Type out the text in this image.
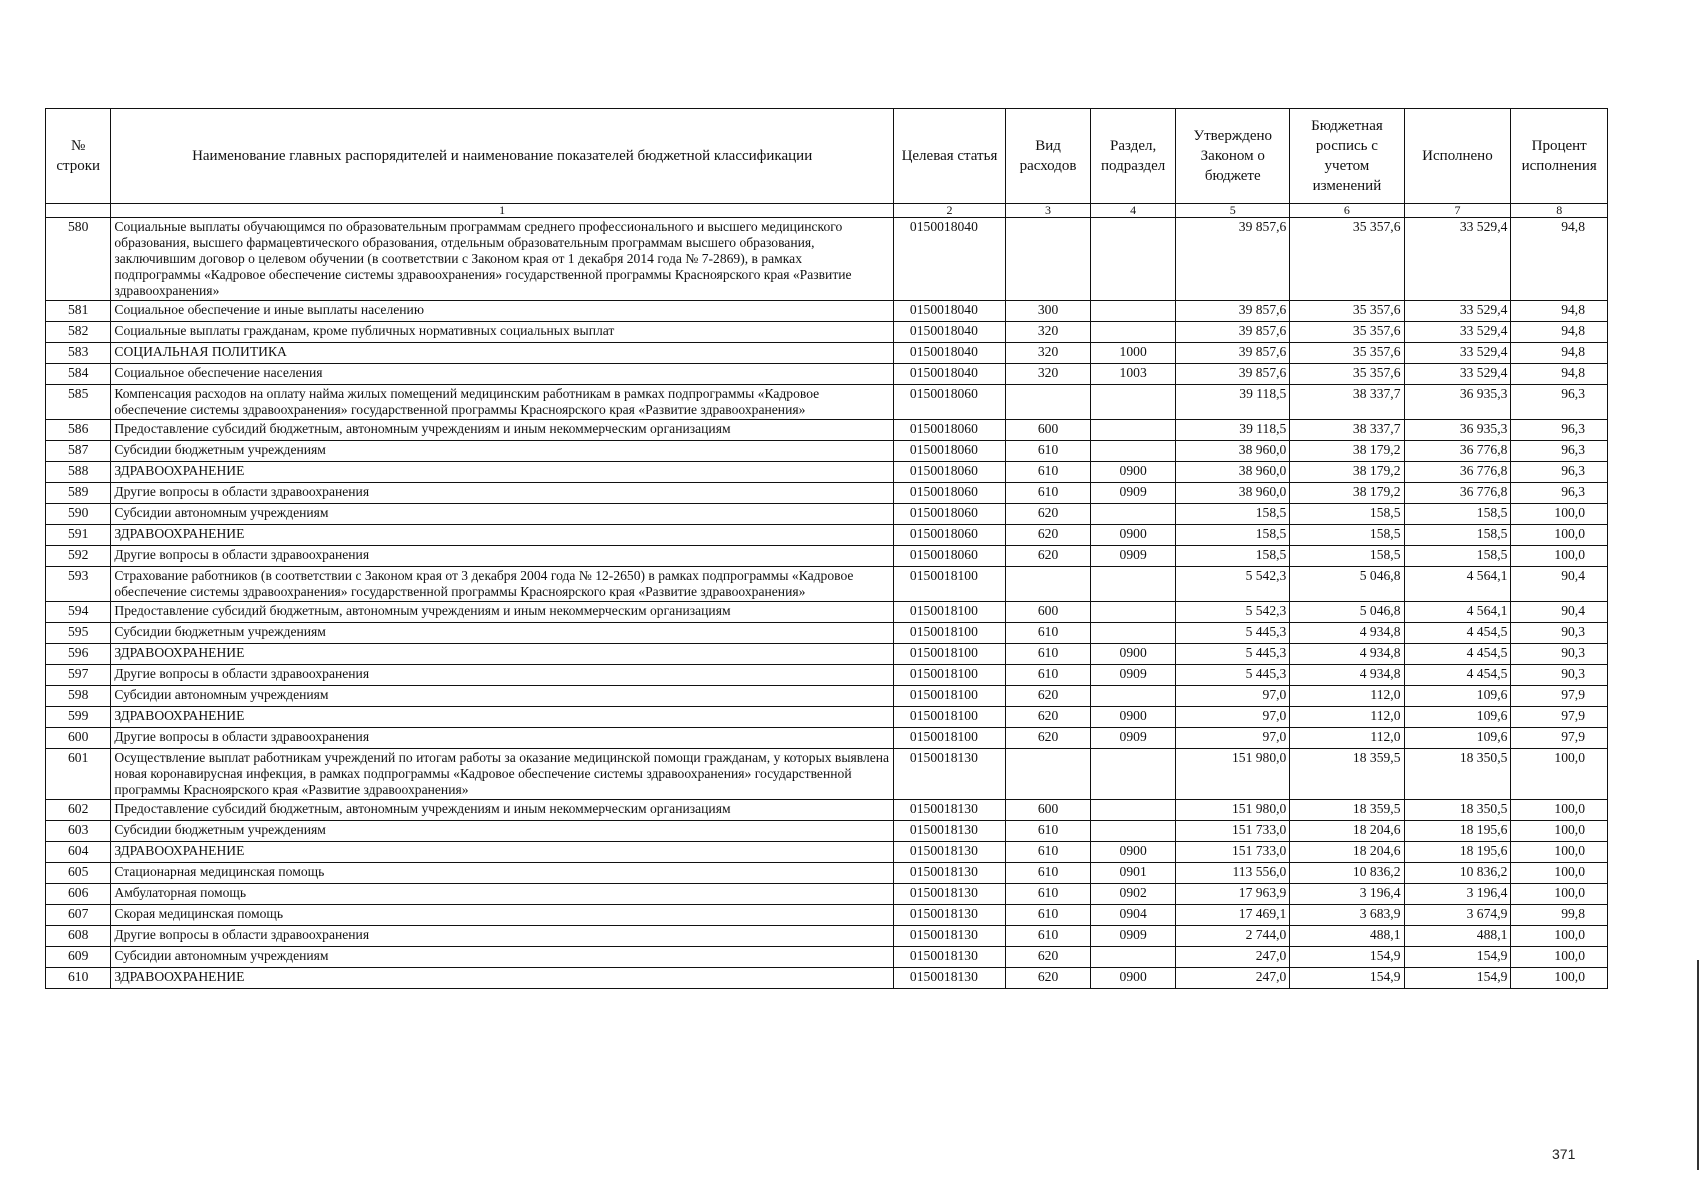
№ строки	Наименование главных распорядителей и наименование показателей бюджетной классификации	Целевая статья	Вид расходов	Раздел, подраздел	Утверждено Законом о бюджете	Бюджетная роспись с учетом изменений	Исполнено	Процент исполнения
	1	2	3	4	5	6	7	8
580	Социальные выплаты обучающимся по образовательным программам среднего профессионального и высшего медицинского образования, высшего фармацевтического образования, отдельным образовательным программам высшего образования, заключившим договор о целевом обучении (в соответствии с Законом края от 1 декабря 2014 года № 7-2869), в рамках подпрограммы «Кадровое обеспечение системы здравоохранения» государственной программы Красноярского края «Развитие здравоохранения»	0150018040			39 857,6	35 357,6	33 529,4	94,8
581	Социальное обеспечение и иные выплаты населению	0150018040	300		39 857,6	35 357,6	33 529,4	94,8
582	Социальные выплаты гражданам, кроме публичных нормативных социальных выплат	0150018040	320		39 857,6	35 357,6	33 529,4	94,8
583	СОЦИАЛЬНАЯ ПОЛИТИКА	0150018040	320	1000	39 857,6	35 357,6	33 529,4	94,8
584	Социальное обеспечение населения	0150018040	320	1003	39 857,6	35 357,6	33 529,4	94,8
585	Компенсация расходов на оплату найма жилых помещений медицинским работникам в рамках подпрограммы «Кадровое обеспечение системы здравоохранения» государственной программы Красноярского края «Развитие здравоохранения»	0150018060			39 118,5	38 337,7	36 935,3	96,3
586	Предоставление субсидий бюджетным, автономным учреждениям и иным некоммерческим организациям	0150018060	600		39 118,5	38 337,7	36 935,3	96,3
587	Субсидии бюджетным учреждениям	0150018060	610		38 960,0	38 179,2	36 776,8	96,3
588	ЗДРАВООХРАНЕНИЕ	0150018060	610	0900	38 960,0	38 179,2	36 776,8	96,3
589	Другие вопросы в области здравоохранения	0150018060	610	0909	38 960,0	38 179,2	36 776,8	96,3
590	Субсидии автономным учреждениям	0150018060	620		158,5	158,5	158,5	100,0
591	ЗДРАВООХРАНЕНИЕ	0150018060	620	0900	158,5	158,5	158,5	100,0
592	Другие вопросы в области здравоохранения	0150018060	620	0909	158,5	158,5	158,5	100,0
593	Страхование работников (в соответствии с Законом края от 3 декабря 2004 года № 12-2650) в рамках подпрограммы «Кадровое обеспечение системы здравоохранения» государственной программы Красноярского края «Развитие здравоохранения»	0150018100			5 542,3	5 046,8	4 564,1	90,4
594	Предоставление субсидий бюджетным, автономным учреждениям и иным некоммерческим организациям	0150018100	600		5 542,3	5 046,8	4 564,1	90,4
595	Субсидии бюджетным учреждениям	0150018100	610		5 445,3	4 934,8	4 454,5	90,3
596	ЗДРАВООХРАНЕНИЕ	0150018100	610	0900	5 445,3	4 934,8	4 454,5	90,3
597	Другие вопросы в области здравоохранения	0150018100	610	0909	5 445,3	4 934,8	4 454,5	90,3
598	Субсидии автономным учреждениям	0150018100	620		97,0	112,0	109,6	97,9
599	ЗДРАВООХРАНЕНИЕ	0150018100	620	0900	97,0	112,0	109,6	97,9
600	Другие вопросы в области здравоохранения	0150018100	620	0909	97,0	112,0	109,6	97,9
601	Осуществление выплат работникам учреждений по итогам работы за оказание медицинской помощи гражданам, у которых выявлена новая коронавирусная инфекция, в рамках подпрограммы «Кадровое обеспечение системы здравоохранения» государственной программы Красноярского края «Развитие здравоохранения»	0150018130			151 980,0	18 359,5	18 350,5	100,0
602	Предоставление субсидий бюджетным, автономным учреждениям и иным некоммерческим организациям	0150018130	600		151 980,0	18 359,5	18 350,5	100,0
603	Субсидии бюджетным учреждениям	0150018130	610		151 733,0	18 204,6	18 195,6	100,0
604	ЗДРАВООХРАНЕНИЕ	0150018130	610	0900	151 733,0	18 204,6	18 195,6	100,0
605	Стационарная медицинская помощь	0150018130	610	0901	113 556,0	10 836,2	10 836,2	100,0
606	Амбулаторная помощь	0150018130	610	0902	17 963,9	3 196,4	3 196,4	100,0
607	Скорая медицинская помощь	0150018130	610	0904	17 469,1	3 683,9	3 674,9	99,8
608	Другие вопросы в области здравоохранения	0150018130	610	0909	2 744,0	488,1	488,1	100,0
609	Субсидии автономным учреждениям	0150018130	620		247,0	154,9	154,9	100,0
610	ЗДРАВООХРАНЕНИЕ	0150018130	620	0900	247,0	154,9	154,9	100,0
371
